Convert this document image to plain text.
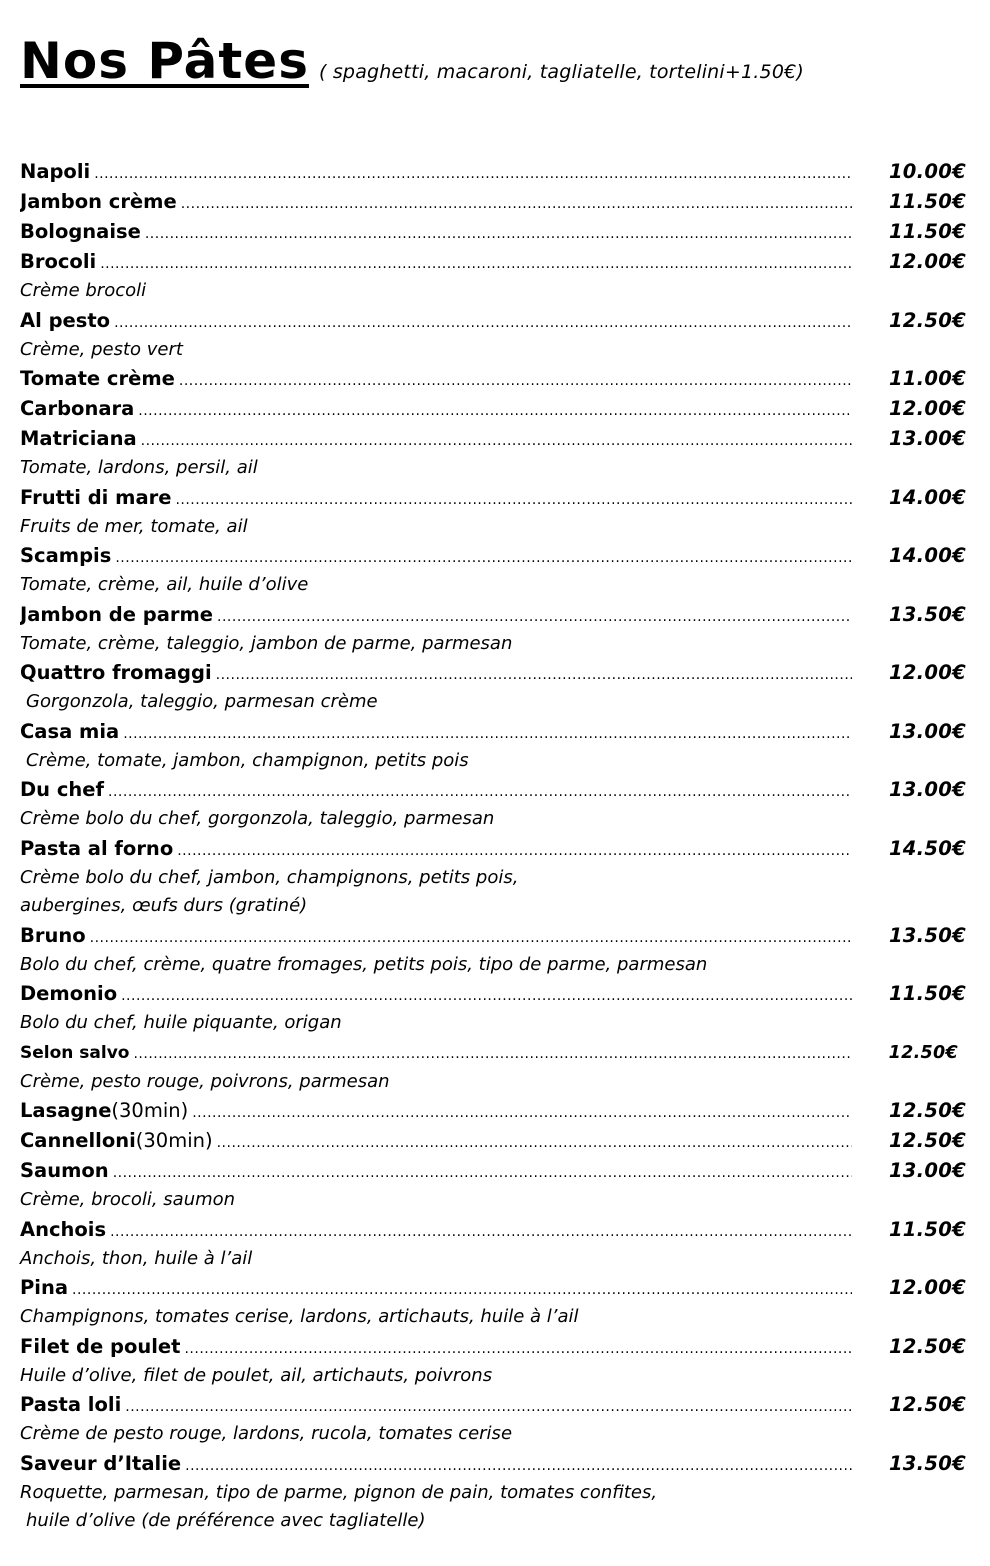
Nos Pâtes ( spaghetti, macaroni, tagliatelle, tortelini+1.50€)
Napoli .....	10.00€
Jambon crème .....	11.50€
Bolognaise .....	11.50€
Brocoli .....	12.00€
Crème brocoli
Al pesto .....	12.50€
Crème, pesto vert
Tomate crème .....	11.00€
Carbonara .....	12.00€
Matriciana .....	13.00€
Tomate, lardons, persil, ail
Frutti di mare .....	14.00€
Fruits de mer, tomate, ail
Scampis .....	14.00€
Tomate, crème, ail, huile d’olive
Jambon de parme .....	13.50€
Tomate, crème, taleggio, jambon de parme, parmesan
Quattro fromaggi .....	12.00€
Gorgonzola, taleggio, parmesan crème
Casa mia .....	13.00€
Crème, tomate, jambon, champignon, petits pois
Du chef .....	13.00€
Crème bolo du chef, gorgonzola, taleggio, parmesan
Pasta al forno .....	14.50€
Crème bolo du chef, jambon, champignons, petits pois,
aubergines, œufs durs (gratiné)
Bruno .....	13.50€
Bolo du chef, crème, quatre fromages, petits pois, tipo de parme, parmesan
Demonio .....	11.50€
Bolo du chef, huile piquante, origan
Selon salvo .....	12.50€
Crème, pesto rouge, poivrons, parmesan
Lasagne (30min) .....	12.50€
Cannelloni (30min) .....	12.50€
Saumon .....	13.00€
Crème, brocoli, saumon
Anchois .....	11.50€
Anchois, thon, huile à l’ail
Pina .....	12.00€
Champignons, tomates cerise, lardons, artichauts, huile à l’ail
Filet de poulet .....	12.50€
Huile d’olive, filet de poulet, ail, artichauts, poivrons
Pasta loli .....	12.50€
Crème de pesto rouge, lardons, rucola, tomates cerise
Saveur d’Italie .....	13.50€
Roquette, parmesan, tipo de parme, pignon de pain, tomates confites,
huile d’olive (de préférence avec tagliatelle)
